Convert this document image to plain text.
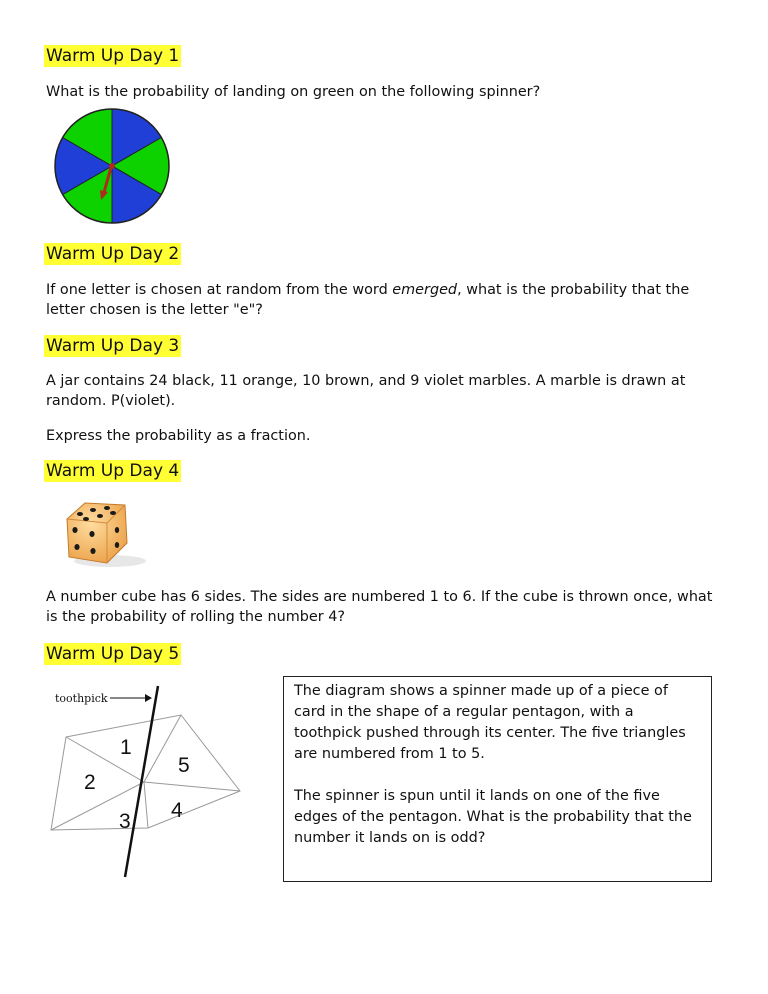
Warm Up Day 1

What is the probability of landing on green on the following spinner?

Warm Up Day 2

If one letter is chosen at random from the word emerged, what is the probability that the letter chosen is the letter "e"?

Warm Up Day 3

A jar contains 24 black, 11 orange, 10 brown, and 9 violet marbles. A marble is drawn at random. P(violet).

Express the probability as a fraction.

Warm Up Day 4

A number cube has 6 sides. The sides are numbered 1 to 6. If the cube is thrown once, what is the probability of rolling the number 4?

Warm Up Day 5
toothpick
1
2
3 4
5

The diagram shows a spinner made up of a piece of card in the shape of a regular pentagon, with a toothpick pushed through its center. The five triangles are numbered from 1 to 5.

The spinner is spun until it lands on one of the five edges of the pentagon. What is the probability that the number it lands on is odd?
